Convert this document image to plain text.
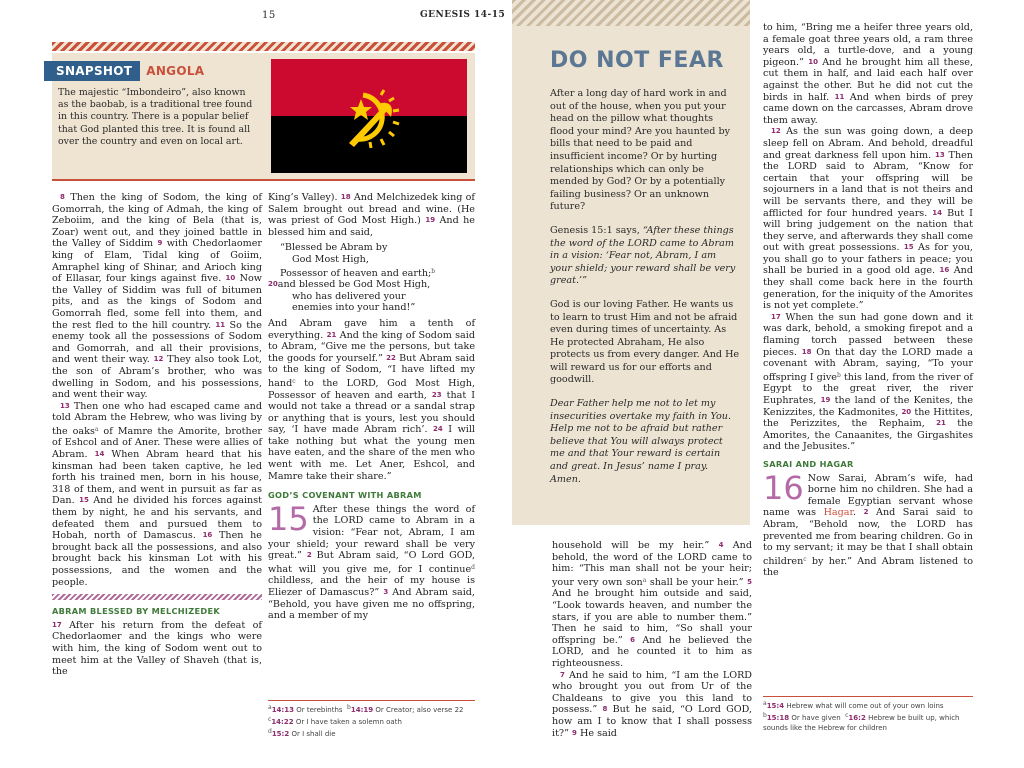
15	GENESIS 14-15
SNAPSHOT	ANGOLA
The majestic “Imbondeiro”, also known as the baobab, is a traditional tree found in this country. There is a popular belief that God planted this tree. It is found all over the country and even on local art.

8 Then the king of Sodom, the king of Gomorrah, the king of Admah, the king of Zeboiim, and the king of Bela (that is, Zoar) went out, and they joined battle in the Valley of Siddim 9 with Chedorlaomer king of Elam, Tidal king of Goiim, Amraphel king of Shinar, and Arioch king of Ellasar, four kings against five. 10 Now the Valley of Siddim was full of bitumen pits, and as the kings of Sodom and Gomorrah fled, some fell into them, and the rest fled to the hill country. 11 So the enemy took all the possessions of Sodom and Gomorrah, and all their provisions, and went their way. 12 They also took Lot, the son of Abram’s brother, who was dwelling in Sodom, and his possessions, and went their way.

13 Then one who had escaped came and told Abram the Hebrew, who was living by the oaks$^a$ of Mamre the Amorite, brother of Eshcol and of Aner. These were allies of Abram. 14 When Abram heard that his kinsman had been taken captive, he led forth his trained men, born in his house, 318 of them, and went in pursuit as far as Dan. 15 And he divided his forces against them by night, he and his servants, and defeated them and pursued them to Hobah, north of Damascus. 16 Then he brought back all the possessions, and also brought back his kinsman Lot with his possessions, and the women and the people.

ABRAM BLESSED BY MELCHIZEDEK

17 After his return from the defeat of Chedorlaomer and the kings who were with him, the king of Sodom went out to meet him at the Valley of Shaveh (that is, the

King’s Valley). 18 And Melchizedek king of Salem brought out bread and wine. (He was priest of God Most High.) 19 And he blessed him and said,

“Blessed be Abram by
God Most High,
Possessor of heaven and earth;$^b$
20and blessed be God Most High,
who has delivered your
enemies into your hand!”

And Abram gave him a tenth of everything. 21 And the king of Sodom said to Abram, “Give me the persons, but take the goods for yourself.” 22 But Abram said to the king of Sodom, “I have lifted my hand$^c$ to the LORD, God Most High, Possessor of heaven and earth, 23 that I would not take a thread or a sandal strap or anything that is yours, lest you should say, ‘I have made Abram rich’. 24 I will take nothing but what the young men have eaten, and the share of the men who went with me. Let Aner, Eshcol, and Mamre take their share.”

GOD’S COVENANT WITH ABRAM

15 After these things the word of the LORD came to Abram in a vision: “Fear not, Abram, I am your shield; your reward shall be very great.” 2 But Abram said, “O Lord GOD, what will you give me, for I continue$^d$ childless, and the heir of my house is Eliezer of Damascus?” 3 And Abram said, “Behold, you have given me no offspring, and a member of my

a14:13 Or terebinths b14:19 Or Creator; also verse 22
c14:22 Or I have taken a solemn oath
d15:2 Or I shall die
DO NOT FEAR

After a long day of hard work in and out of the house, when you put your head on the pillow what thoughts flood your mind? Are you haunted by bills that need to be paid and insufficient income? Or by hurting relationships which can only be mended by God? Or by a potentially failing business? Or an unknown future?

Genesis 15:1 says, “After these things the word of the LORD came to Abram in a vision: ‘Fear not, Abram, I am your shield; your reward shall be very great.’”

God is our loving Father. He wants us to learn to trust Him and not be afraid even during times of uncertainty. As He protected Abraham, He also protects us from every danger. And He will reward us for our efforts and goodwill.

Dear Father help me not to let my insecurities overtake my faith in You. Help me not to be afraid but rather believe that You will always protect me and that Your reward is certain and great. In Jesus’ name I pray. Amen.

household will be my heir.” 4 And behold, the word of the LORD came to him: “This man shall not be your heir; your very own son$^a$ shall be your heir.” 5 And he brought him outside and said, “Look towards heaven, and number the stars, if you are able to number them.” Then he said to him, “So shall your offspring be.” 6 And he believed the LORD, and he counted it to him as righteousness.

7 And he said to him, “I am the LORD who brought you out from Ur of the Chaldeans to give you this land to possess.” 8 But he said, “O Lord GOD, how am I to know that I shall possess it?” 9 He said

to him, “Bring me a heifer three years old, a female goat three years old, a ram three years old, a turtle-dove, and a young pigeon.” 10 And he brought him all these, cut them in half, and laid each half over against the other. But he did not cut the birds in half. 11 And when birds of prey came down on the carcasses, Abram drove them away.

12 As the sun was going down, a deep sleep fell on Abram. And behold, dreadful and great darkness fell upon him. 13 Then the LORD said to Abram, “Know for certain that your offspring will be sojourners in a land that is not theirs and will be servants there, and they will be afflicted for four hundred years. 14 But I will bring judgement on the nation that they serve, and afterwards they shall come out with great possessions. 15 As for you, you shall go to your fathers in peace; you shall be buried in a good old age. 16 And they shall come back here in the fourth generation, for the iniquity of the Amorites is not yet complete.”

17 When the sun had gone down and it was dark, behold, a smoking firepot and a flaming torch passed between these pieces. 18 On that day the LORD made a covenant with Abram, saying, “To your offspring I give$^b$ this land, from the river of Egypt to the great river, the river Euphrates, 19 the land of the Kenites, the Kenizzites, the Kadmonites, 20 the Hittites, the Perizzites, the Rephaim, 21 the Amorites, the Canaanites, the Girgashites and the Jebusites.”

SARAI AND HAGAR

16 Now Sarai, Abram’s wife, had borne him no children. She had a female Egyptian servant whose name was Hagar. 2 And Sarai said to Abram, “Behold now, the LORD has prevented me from bearing children. Go in to my servant; it may be that I shall obtain children$^c$ by her.” And Abram listened to the

a15:4 Hebrew what will come out of your own loins
b15:18 Or have given c16:2 Hebrew be built up, which sounds like the Hebrew for children
